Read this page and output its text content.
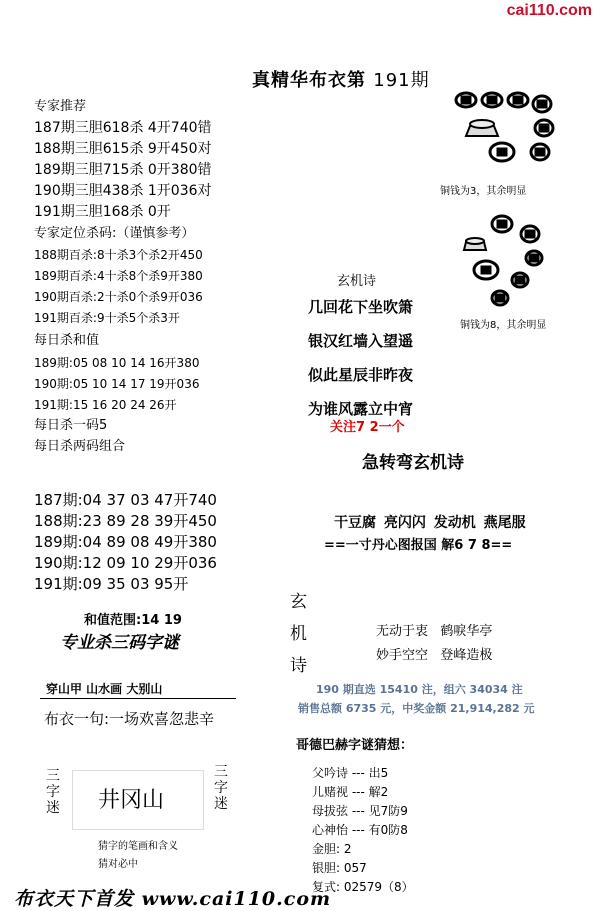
cai110.com
真精华布衣第 191期
专家推荐
187期三胆618杀 4开740错
188期三胆615杀 9开450对
189期三胆715杀 0开380错
190期三胆438杀 1开036对
191期三胆168杀 0开
专家定位杀码:（谨慎参考）
188期百杀:8十杀3个杀2开450
189期百杀:4十杀8个杀9开380
190期百杀:2十杀0个杀9开036
191期百杀:9十杀5个杀3开
每日杀和值
189期:05 08 10 14 16开380
190期:05 10 14 17 19开036
191期:15 16 20 24 26开
每日杀一码5
每日杀两码组合
187期:04 37 03 47开740
188期:23 89 28 39开450
189期:04 89 08 49开380
190期:12 09 10 29开036
191期:09 35 03 95开
和值范围:14 19
专业杀三码字谜
穿山甲 山水画 大别山
布衣一句:一场欢喜忽悲辛
三
字
迷 井冈山
三
字
迷
猜字的笔画和含义
猜对必中
布衣天下首发 www.cai110.com
铜钱为3，其余明显
铜钱为8，其余明显
玄机诗
几回花下坐吹箫
银汉红墙入望遥
似此星辰非昨夜
为谁风露立中宵
关注7 2一个
急转弯玄机诗
干豆腐 亮闪闪 发动机 燕尾服
==一寸丹心图报国 解6 7 8==
玄
机
诗
无动于衷   鹤唳华亭
妙手空空   登峰造极
190 期直选 15410 注，组六 34034 注
销售总额 6735 元，中奖金额 21,914,282 元
哥德巴赫字谜猜想：
父吟诗 --- 出5
儿赌视 --- 解2
母拔弦 --- 见7防9
心神怡 --- 有0防8
金胆: 2
银胆: 057
复式: 02579（8）
